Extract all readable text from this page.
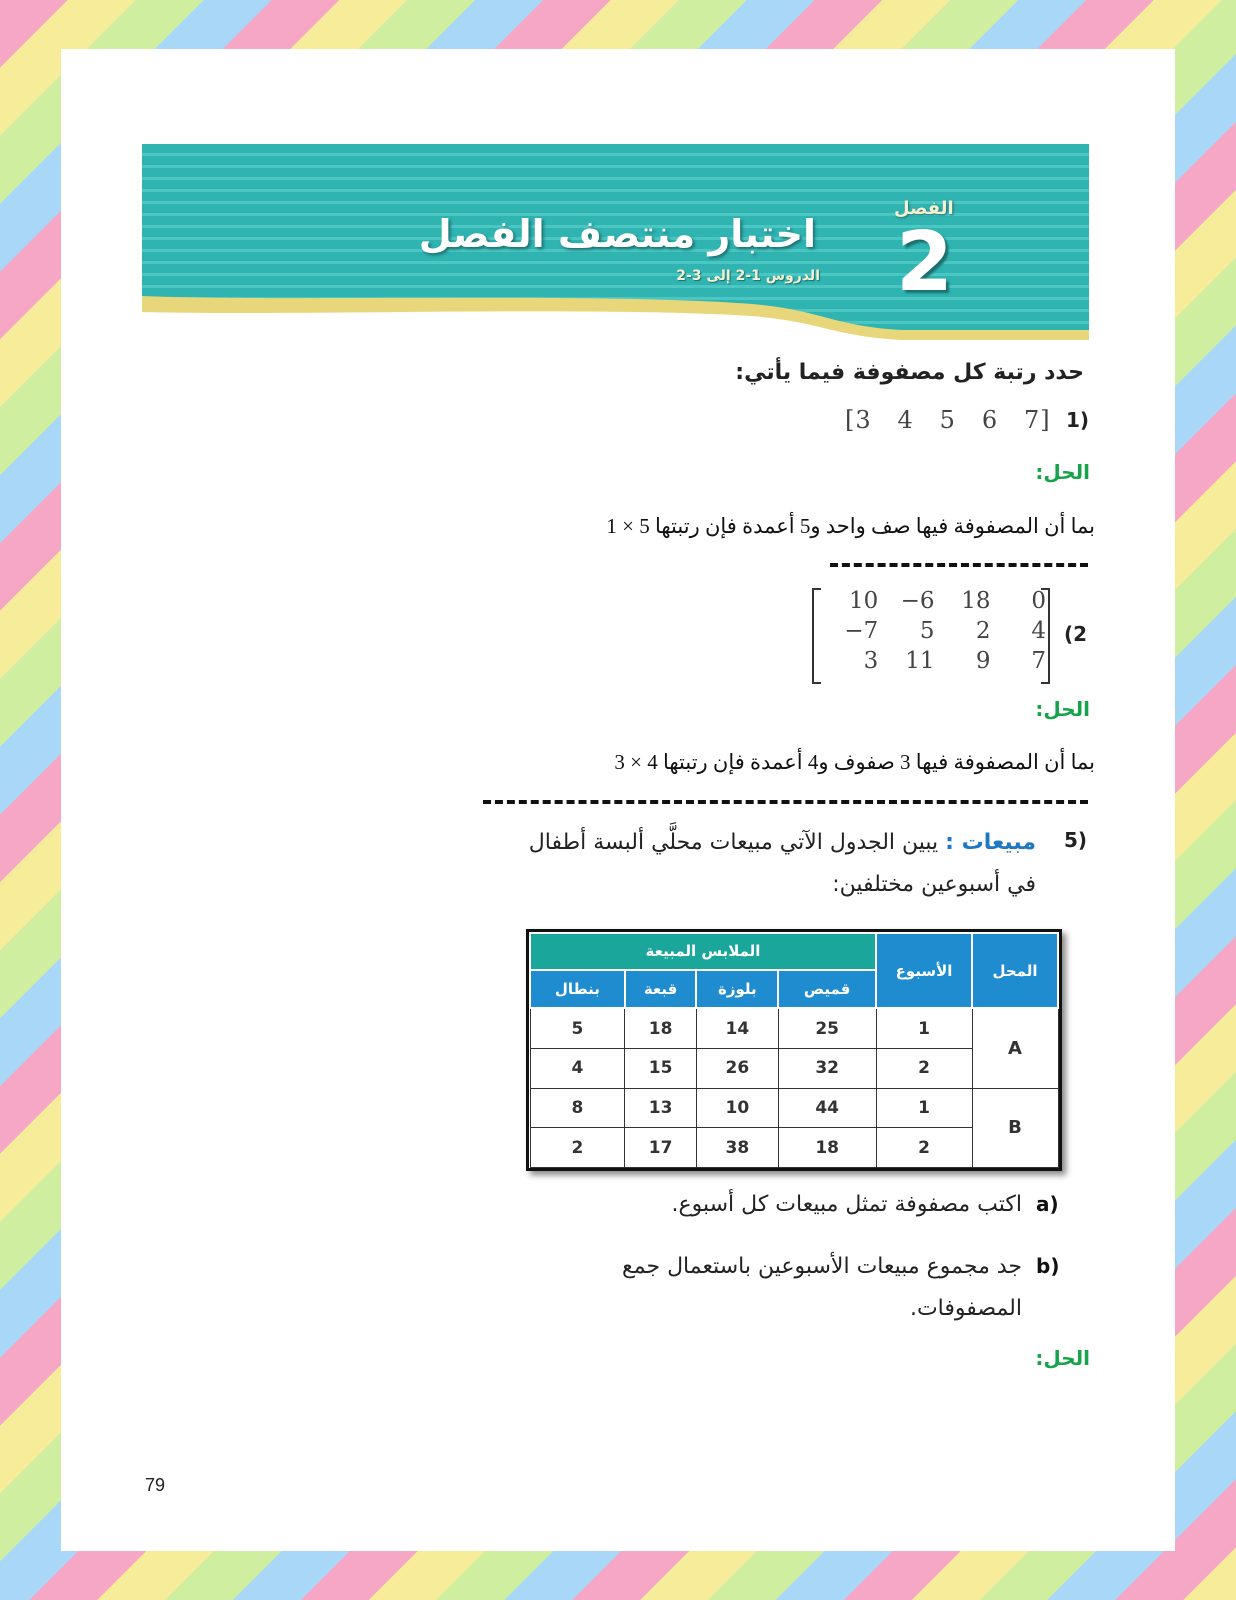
الفصل
2
اختبار منتصف الفصل
الدروس 1-2 إلى 3-2
حدد رتبة كل مصفوفة فيما يأتي:
1)
[3   4   5   6   7]
الحل:
بما أن المصفوفة فيها صف واحد و5 أعمدة فإن رتبتها 5 × 1
10	−6	18	0
−7	5	2	4
3	11	9	7
(2
الحل:
بما أن المصفوفة فيها 3 صفوف و4 أعمدة فإن رتبتها 4 × 3
5)
مبيعات : يبين الجدول الآتي مبيعات محلَّي ألبسة أطفال في أسبوعين مختلفين:
المحل	الأسبوع	الملابس المبيعة			
		قميص	بلوزة	قبعة	بنطال
A	1	25	14	18	5
	2	32	26	15	4
B	1	44	10	13	8
	2	18	38	17	2
a)
اكتب مصفوفة تمثل مبيعات كل أسبوع.
b)
جد مجموع مبيعات الأسبوعين باستعمال جمع المصفوفات.
الحل:
79
